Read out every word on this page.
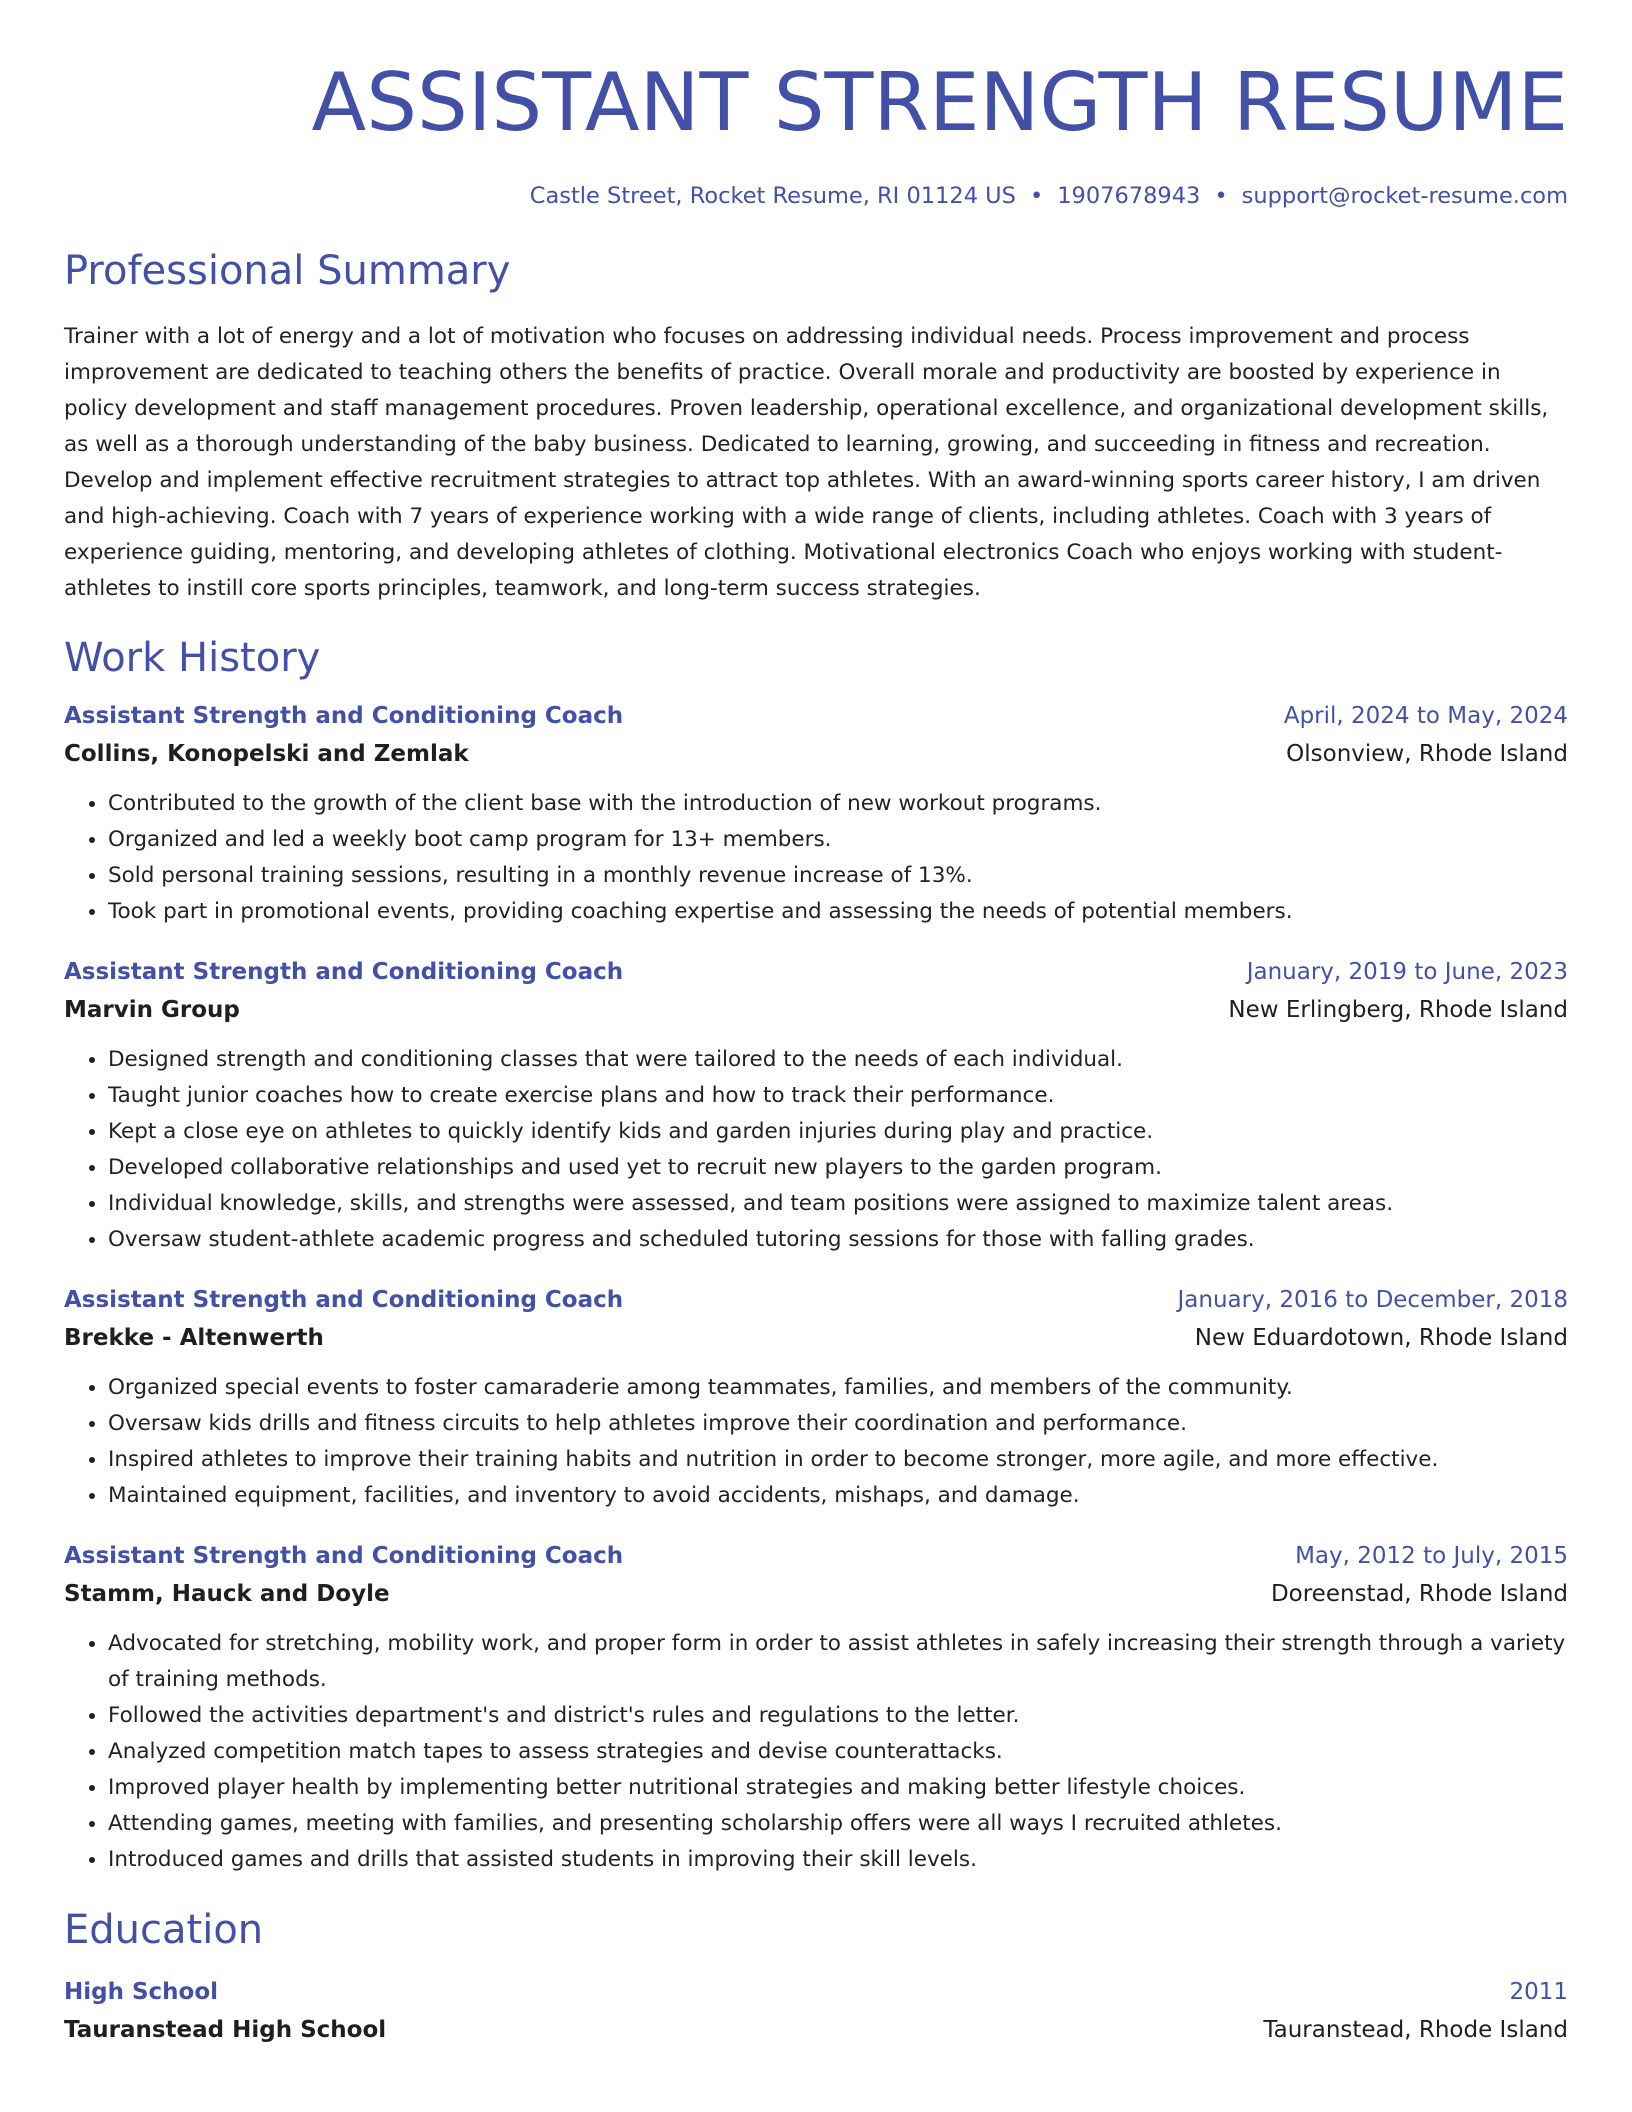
ASSISTANT STRENGTH RESUME
Castle Street, Rocket Resume, RI 01124 US • 1907678943 • support@rocket-resume.com
Professional Summary

Trainer with a lot of energy and a lot of motivation who focuses on addressing individual needs. Process improvement and process improvement are dedicated to teaching others the benefits of practice. Overall morale and productivity are boosted by experience in policy development and staff management procedures. Proven leadership, operational excellence, and organizational development skills, as well as a thorough understanding of the baby business. Dedicated to learning, growing, and succeeding in fitness and recreation. Develop and implement effective recruitment strategies to attract top athletes. With an award-winning sports career history, I am driven and high-achieving. Coach with 7 years of experience working with a wide range of clients, including athletes. Coach with 3 years of experience guiding, mentoring, and developing athletes of clothing. Motivational electronics Coach who enjoys working with student-athletes to instill core sports principles, teamwork, and long-term success strategies.

Work History
Assistant Strength and Conditioning Coach	April, 2024 to May, 2024
Collins, Konopelski and Zemlak	Olsonview, Rhode Island
• Contributed to the growth of the client base with the introduction of new workout programs.
• Organized and led a weekly boot camp program for 13+ members.
• Sold personal training sessions, resulting in a monthly revenue increase of 13%.
• Took part in promotional events, providing coaching expertise and assessing the needs of potential members.
Assistant Strength and Conditioning Coach	January, 2019 to June, 2023
Marvin Group	New Erlingberg, Rhode Island
• Designed strength and conditioning classes that were tailored to the needs of each individual.
• Taught junior coaches how to create exercise plans and how to track their performance.
• Kept a close eye on athletes to quickly identify kids and garden injuries during play and practice.
• Developed collaborative relationships and used yet to recruit new players to the garden program.
• Individual knowledge, skills, and strengths were assessed, and team positions were assigned to maximize talent areas.
• Oversaw student-athlete academic progress and scheduled tutoring sessions for those with falling grades.
Assistant Strength and Conditioning Coach	January, 2016 to December, 2018
Brekke - Altenwerth	New Eduardotown, Rhode Island
• Organized special events to foster camaraderie among teammates, families, and members of the community.
• Oversaw kids drills and fitness circuits to help athletes improve their coordination and performance.
• Inspired athletes to improve their training habits and nutrition in order to become stronger, more agile, and more effective.
• Maintained equipment, facilities, and inventory to avoid accidents, mishaps, and damage.
Assistant Strength and Conditioning Coach	May, 2012 to July, 2015
Stamm, Hauck and Doyle	Doreenstad, Rhode Island
• Advocated for stretching, mobility work, and proper form in order to assist athletes in safely increasing their strength through a variety of training methods.
• Followed the activities department's and district's rules and regulations to the letter.
• Analyzed competition match tapes to assess strategies and devise counterattacks.
• Improved player health by implementing better nutritional strategies and making better lifestyle choices.
• Attending games, meeting with families, and presenting scholarship offers were all ways I recruited athletes.
• Introduced games and drills that assisted students in improving their skill levels.
Education
High School	2011
Tauranstead High School	Tauranstead, Rhode Island
